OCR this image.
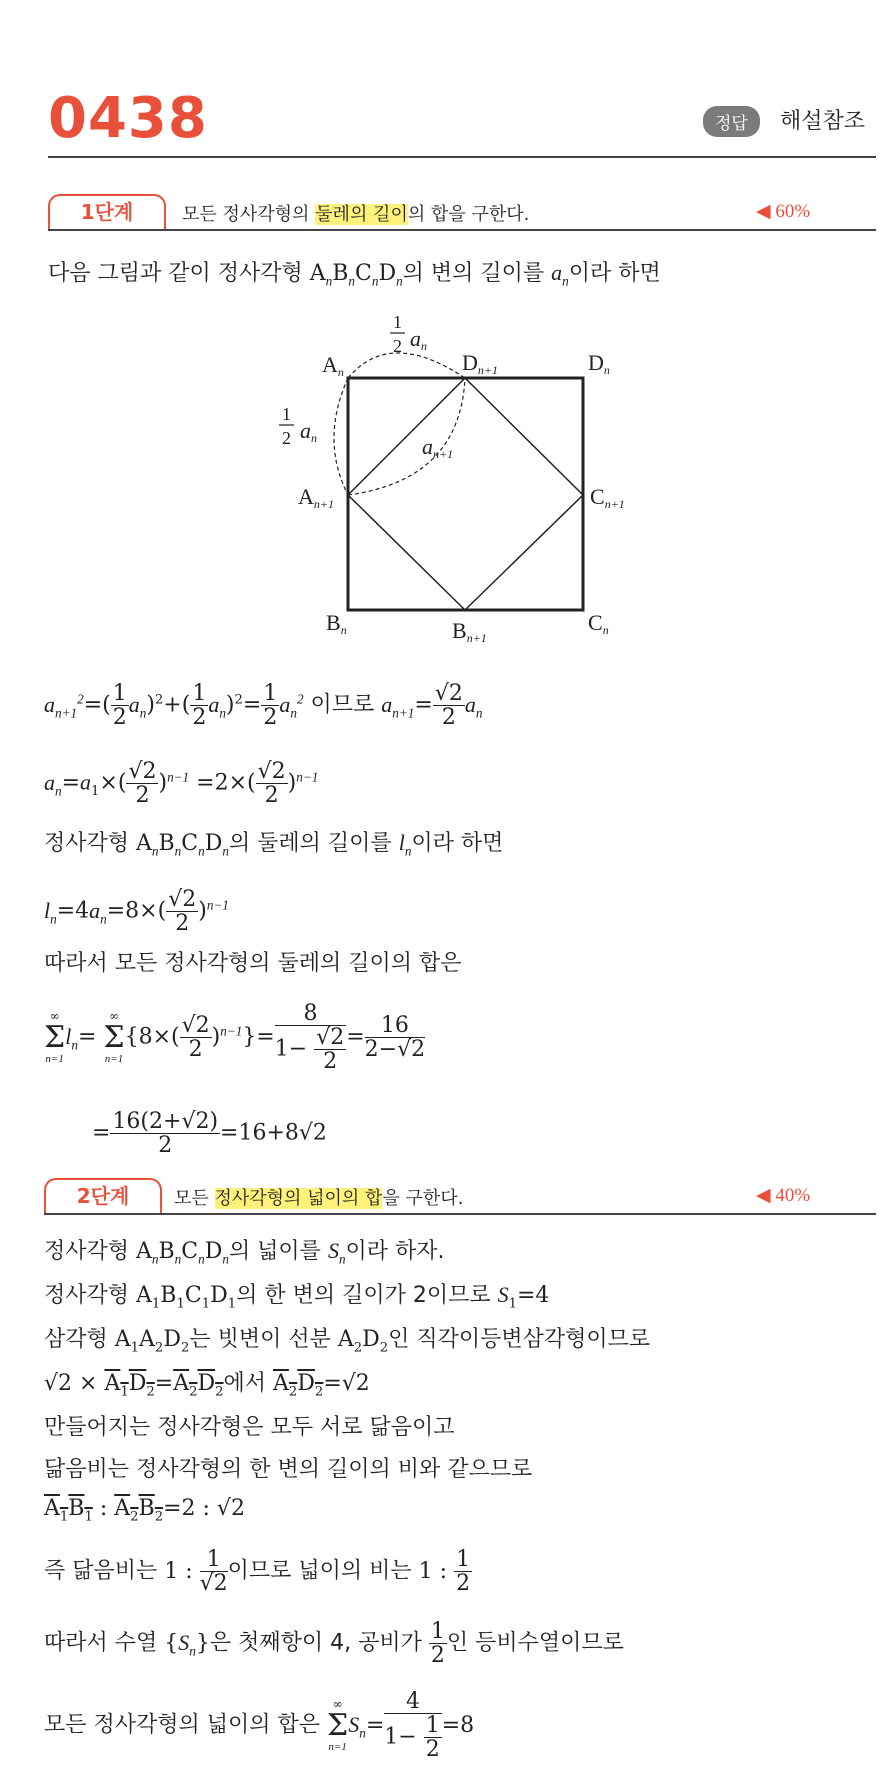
0438	정답	해설참조
1단계	모든 정사각형의 둘레의 길이의 합을 구한다.	◀ 60%
다음 그림과 같이 정사각형 $A_nB_nC_nD_n$의 변의 길이를 $a_n$이라 하면
An	Dn+1	Dn
An+1	Cn+1
Bn	Bn+1
Cn
1
2 an
1
2 an	an+1
$a_{n+1}^2=( \frac{1}{2} a_n)^2+( \frac{1}{2} a_n)^2= \frac{1}{2} a_n^2$ 이므로 $a_{n+1}= \frac{√2}{2} a_n$
$a_n=a_1\times( \frac{√2}{2} )^{n-1} =2\times( \frac{√2}{2} )^{n-1}$
정사각형 $A_nB_nC_nD_n$의 둘레의 길이를 $l_n$이라 하면
$l_n=4a_n=8\times( \frac{√2}{2} )^{n-1}$
따라서 모든 정사각형의 둘레의 길이의 합은
∞
Σ
n=1
$l_n=$
∞
Σ
n=1
$\{8\times( \frac{√2}{2} )^{n-1}\}= \frac{8}{1- \frac{√2}{2}} = \frac{16}{2-√2}$
= $\frac{16(2+√2)}{2} =16+8√2$
2단계	모든 정사각형의 넓이의 합을 구한다.	◀ 40%
정사각형 $A_nB_nC_nD_n$의 넓이를 $S_n$이라 하자.
정사각형 $A_1B_1C_1D_1$의 한 변의 길이가 2이므로 $S_1=4$
삼각형 $A_1A_2D_2$는 빗변이 선분 $A_2D_2$인 직각이등변삼각형이므로
$√2 \times A_1D_2=A_2D_2$에서 $A_2D_2=√2$
만들어지는 정사각형은 모두 서로 닮음이고
닮음비는 정사각형의 한 변의 길이의 비와 같으므로
$A_1B_1$ : $A_2B_2=2$ : √2
즉 닮음비는 1 : $\frac{1}{√2}$ 이므로 넓이의 비는 1 : $\frac{1}{2}$
따라서 수열 $\{S_n\}$은 첫째항이 4, 공비가 $\frac{1}{2}$ 인 등비수열이므로
모든 정사각형의 넓이의 합은
∞
Σ
n=1
$S_n= \frac{4}{1- \frac{1}{2}} =8$
